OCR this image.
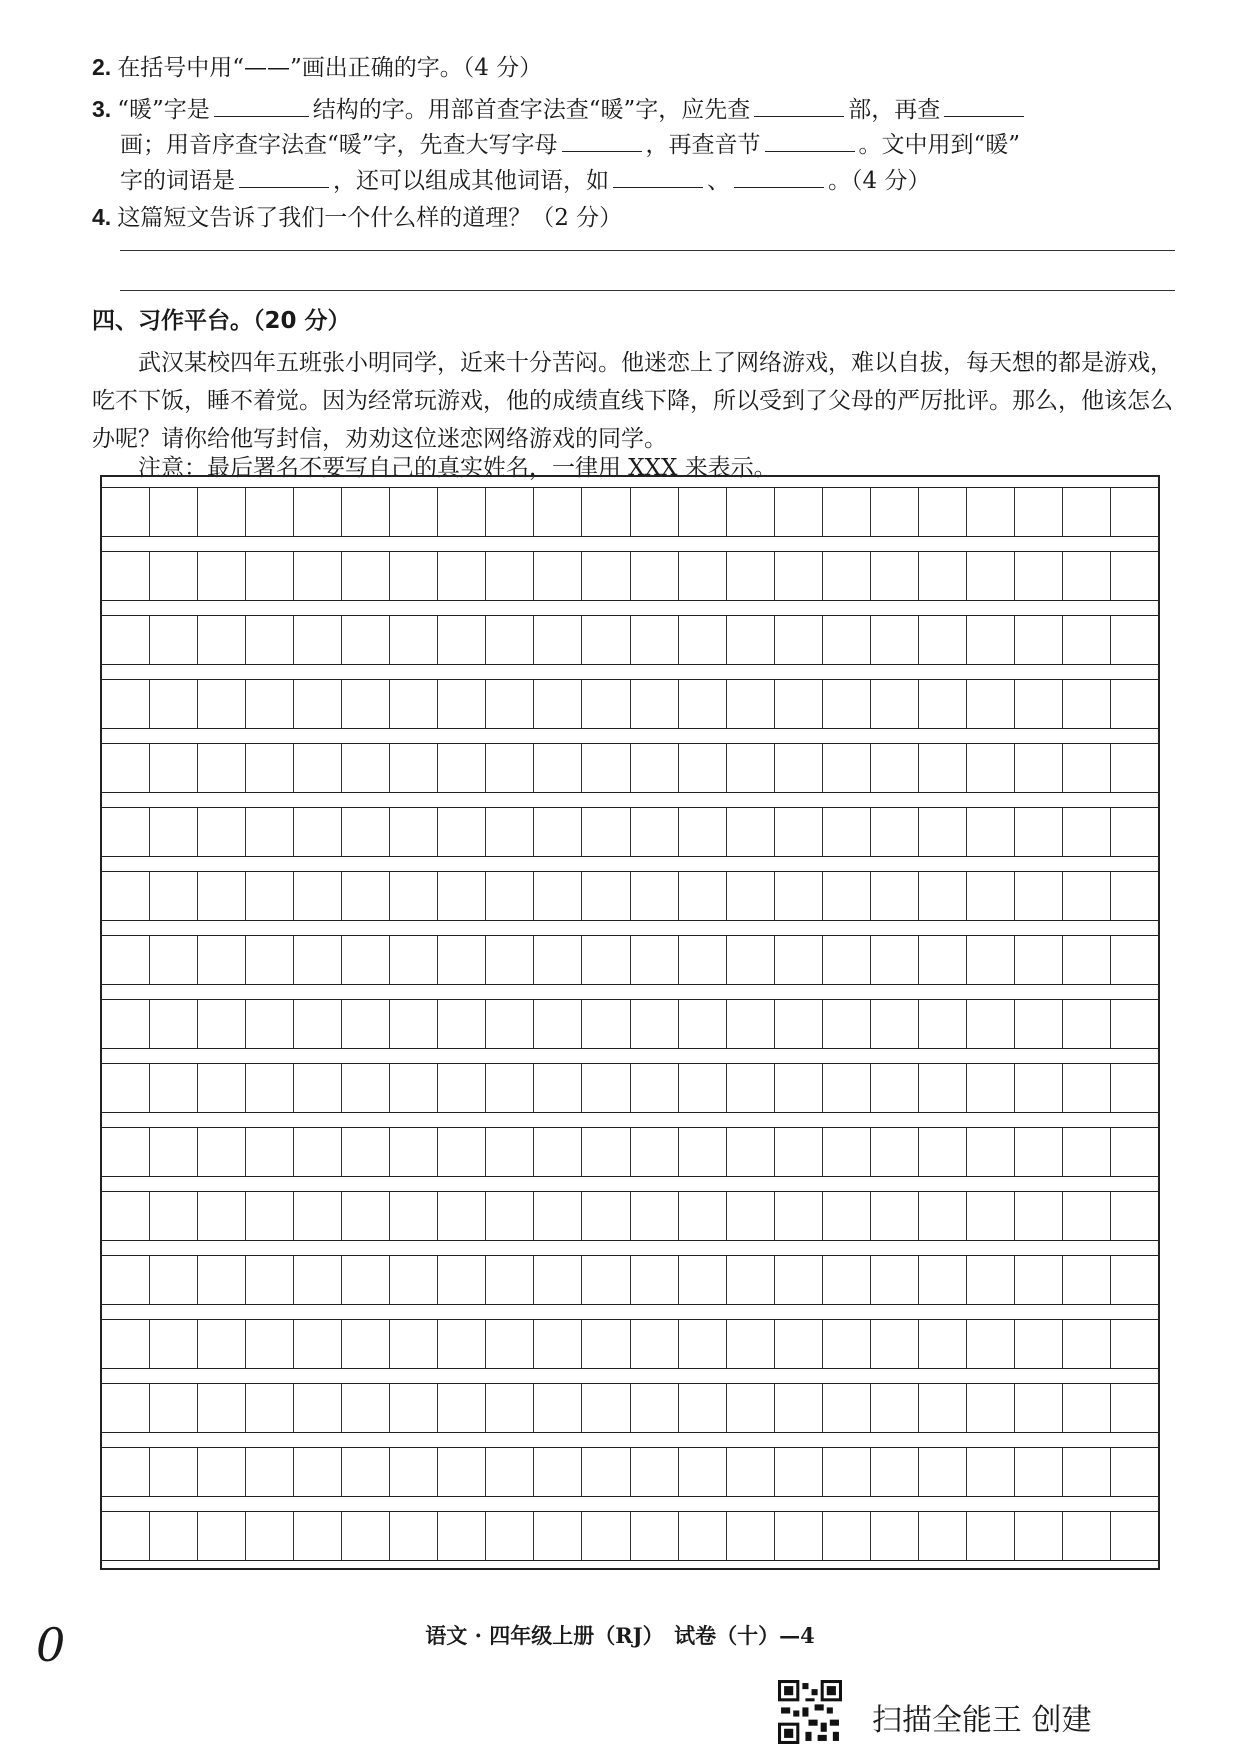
2. 在括号中用“——”画出正确的字。（4 分）
3. “暖”字是	结构的字。用部首查字法查“暖”字，应先查	部，再查
画；用音序查字法查“暖”字，先查大写字母	，再查音节	。文中用到“暖”
字的词语是	，还可以组成其他词语，如	、	。（4 分）
4. 这篇短文告诉了我们一个什么样的道理？（2 分）
四、习作平台。（20 分）
武汉某校四年五班张小明同学，近来十分苦闷。他迷恋上了网络游戏，难以自拔，每天想的都是游戏，吃不下饭，睡不着觉。因为经常玩游戏，他的成绩直线下降，所以受到了父母的严厉批评。那么，他该怎么办呢？请你给他写封信，劝劝这位迷恋网络游戏的同学。
注意：最后署名不要写自己的真实姓名，一律用 XXX 来表示。
语文 · 四年级上册（RJ）　试卷（十）—4
0
扫描全能王 创建
